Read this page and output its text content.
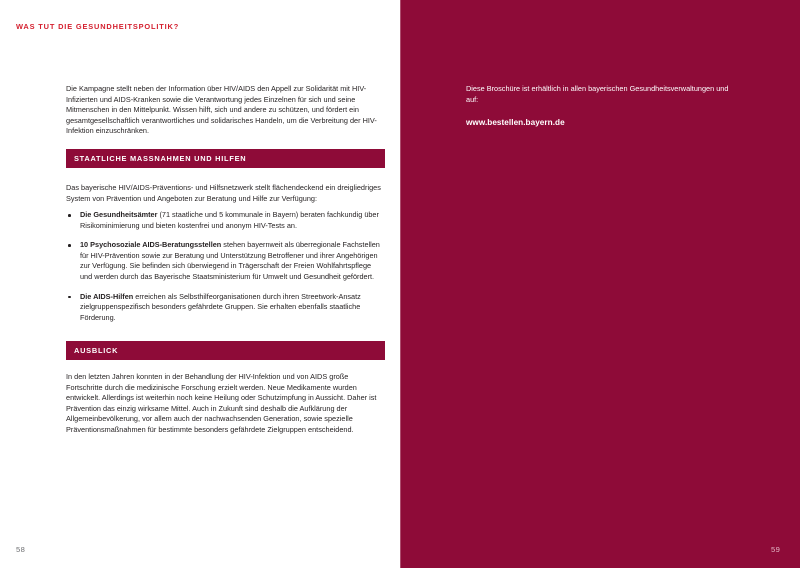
WAS TUT DIE GESUNDHEITSPOLITIK?
Die Kampagne stellt neben der Information über HIV/AIDS den Appell zur Solidarität mit HIV-Infizierten und AIDS-Kranken sowie die Verantwortung jedes Einzelnen für sich und seine Mitmenschen in den Mittelpunkt. Wissen hilft, sich und andere zu schützen, und fördert ein gesamtgesellschaftlich verantwortliches und solidarisches Handeln, um die Verbreitung der HIV-Infektion einzuschränken.
STAATLICHE MASSNAHMEN UND HILFEN
Das bayerische HIV/AIDS-Präventions- und Hilfsnetzwerk stellt flächendeckend ein dreigliedriges System von Prävention und Angeboten zur Beratung und Hilfe zur Verfügung:
Die Gesundheitsämter (71 staatliche und 5 kommunale in Bayern) beraten fachkundig über Risikominimierung und bieten kostenfrei und anonym HIV-Tests an.
10 Psychosoziale AIDS-Beratungsstellen stehen bayernweit als überregionale Fachstellen für HIV-Prävention sowie zur Beratung und Unterstützung Betroffener und ihrer Angehörigen zur Verfügung. Sie befinden sich überwiegend in Trägerschaft der Freien Wohlfahrtspflege und werden durch das Bayerische Staatsministerium für Umwelt und Gesundheit gefördert.
Die AIDS-Hilfen erreichen als Selbsthilfeorganisationen durch ihren Streetwork-Ansatz zielgruppenspezifisch besonders gefährdete Gruppen. Sie erhalten ebenfalls staatliche Förderung.
AUSBLICK
In den letzten Jahren konnten in der Behandlung der HIV-Infektion und von AIDS große Fortschritte durch die medizinische Forschung erzielt werden. Neue Medikamente wurden entwickelt. Allerdings ist weiterhin noch keine Heilung oder Schutzimpfung in Aussicht. Daher ist Prävention das einzig wirksame Mittel. Auch in Zukunft sind deshalb die Aufklärung der Allgemeinbevölkerung, vor allem auch der nachwachsenden Generation, sowie spezielle Präventionsmaßnahmen für bestimmte besonders gefährdete Zielgruppen entscheidend.
58
Diese Broschüre ist erhältlich in allen bayerischen Gesundheitsverwaltungen und auf:
www.bestellen.bayern.de
59
